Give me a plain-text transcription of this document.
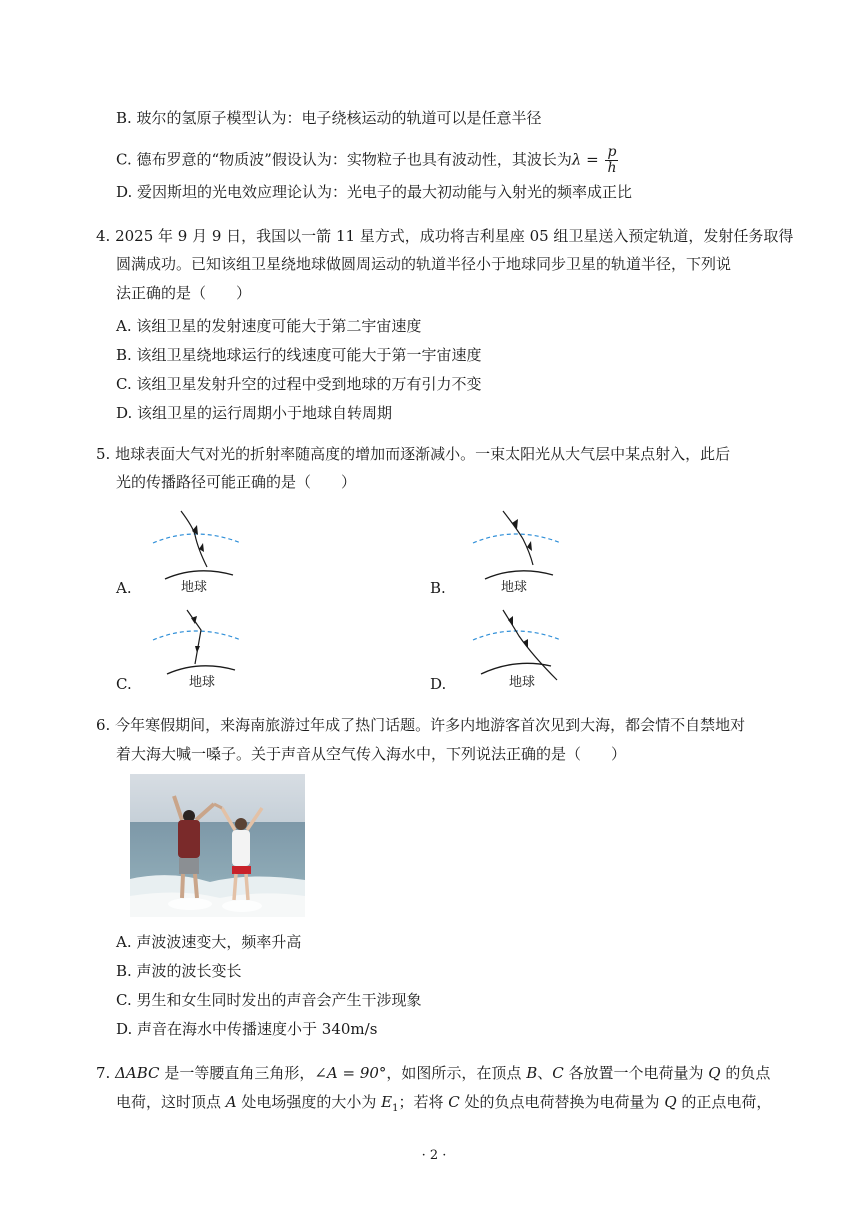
B. 玻尔的氢原子模型认为：电子绕核运动的轨道可以是任意半径
C. 德布罗意的“物质波”假设认为：实物粒子也具有波动性，其波长为$\lambda = \frac{p}{h}$
D. 爱因斯坦的光电效应理论认为：光电子的最大初动能与入射光的频率成正比
4. 2025 年 9 月 9 日，我国以一箭 11 星方式，成功将吉利星座 05 组卫星送入预定轨道，发射任务取得
圆满成功。已知该组卫星绕地球做圆周运动的轨道半径小于地球同步卫星的轨道半径，下列说
法正确的是（　　）
A. 该组卫星的发射速度可能大于第二宇宙速度
B. 该组卫星绕地球运行的线速度可能大于第一宇宙速度
C. 该组卫星发射升空的过程中受到地球的万有引力不变
D. 该组卫星的运行周期小于地球自转周期
5. 地球表面大气对光的折射率随高度的增加而逐渐减小。一束太阳光从大气层中某点射入，此后
光的传播路径可能正确的是（　　）
A.	地球	B.	地球
C.	地球	D.	地球
6. 今年寒假期间，来海南旅游过年成了热门话题。许多内地游客首次见到大海，都会情不自禁地对
着大海大喊一嗓子。关于声音从空气传入海水中，下列说法正确的是（　　）
A. 声波波速变大，频率升高
B. 声波的波长变长
C. 男生和女生同时发出的声音会产生干涉现象
D. 声音在海水中传播速度小于 340m/s
7. ΔABC 是一等腰直角三角形，∠A = 90°，如图所示，在顶点 B、C 各放置一个电荷量为 Q 的负点
电荷，这时顶点 A 处电场强度的大小为 $E_1$；若将 C 处的负点电荷替换为电荷量为 Q 的正点电荷，
· 2 ·
